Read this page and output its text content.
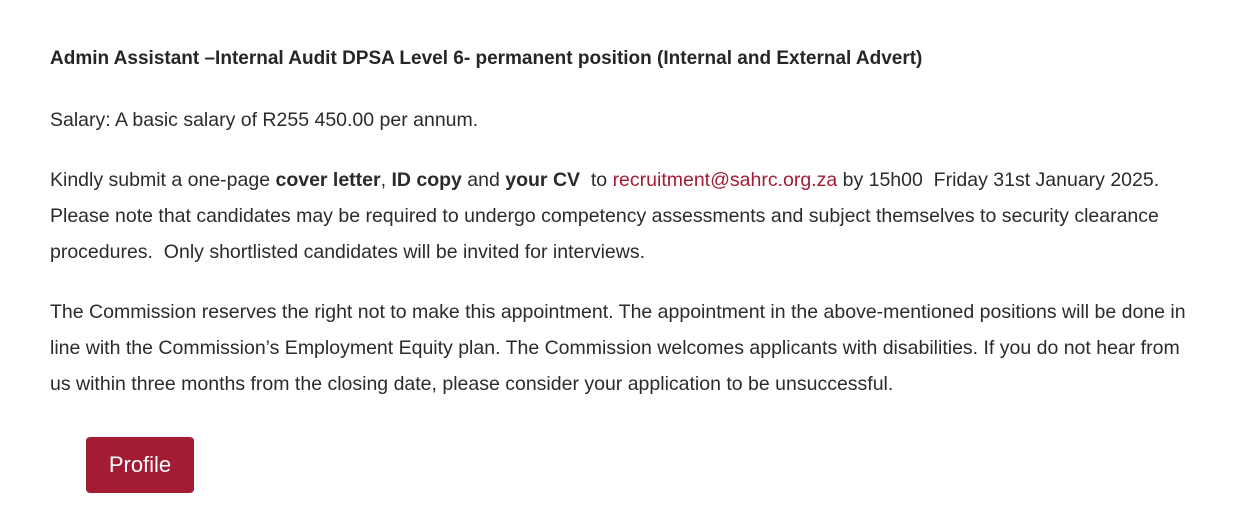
Admin Assistant –Internal Audit DPSA Level 6- permanent position (Internal and External Advert)

Salary: A basic salary of R255 450.00 per annum.

Kindly submit a one-page cover letter, ID copy and your CV  to recruitment@sahrc.org.za by 15h00  Friday 31st January 2025. Please note that candidates may be required to undergo competency assessments and subject themselves to security clearance procedures.  Only shortlisted candidates will be invited for interviews.

The Commission reserves the right not to make this appointment. The appointment in the above-mentioned positions will be done in line with the Commission’s Employment Equity plan. The Commission welcomes applicants with disabilities. If you do not hear from us within three months from the closing date, please consider your application to be unsuccessful.

Profile
